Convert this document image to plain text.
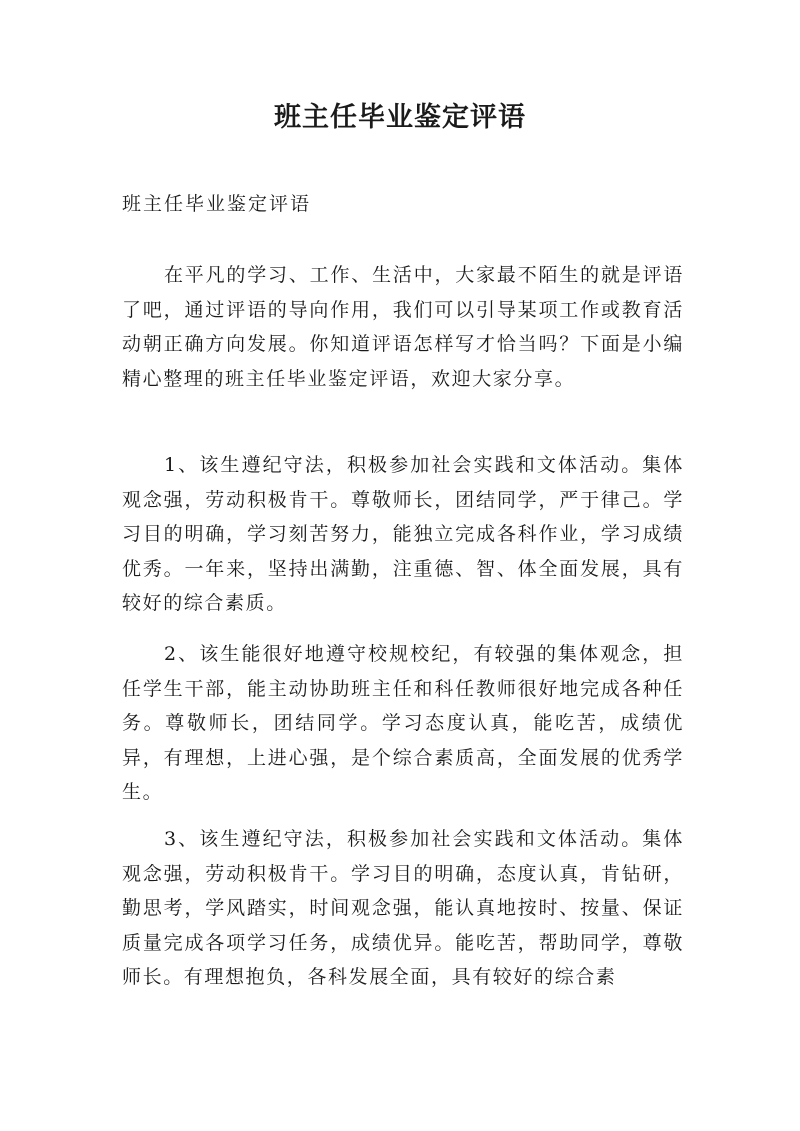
班主任毕业鉴定评语

班主任毕业鉴定评语

在平凡的学习、工作、生活中，大家最不陌生的就是评语了吧，通过评语的导向作用，我们可以引导某项工作或教育活动朝正确方向发展。你知道评语怎样写才恰当吗？下面是小编精心整理的班主任毕业鉴定评语，欢迎大家分享。

1、该生遵纪守法，积极参加社会实践和文体活动。集体观念强，劳动积极肯干。尊敬师长，团结同学，严于律己。学习目的明确，学习刻苦努力，能独立完成各科作业，学习成绩优秀。一年来，坚持出满勤，注重德、智、体全面发展，具有较好的综合素质。

2、该生能很好地遵守校规校纪，有较强的集体观念，担任学生干部，能主动协助班主任和科任教师很好地完成各种任务。尊敬师长，团结同学。学习态度认真，能吃苦，成绩优异，有理想，上进心强，是个综合素质高，全面发展的优秀学生。

3、该生遵纪守法，积极参加社会实践和文体活动。集体观念强，劳动积极肯干。学习目的明确，态度认真，肯钻研，勤思考，学风踏实，时间观念强，能认真地按时、按量、保证质量完成各项学习任务，成绩优异。能吃苦，帮助同学，尊敬师长。有理想抱负，各科发展全面，具有较好的综合素
